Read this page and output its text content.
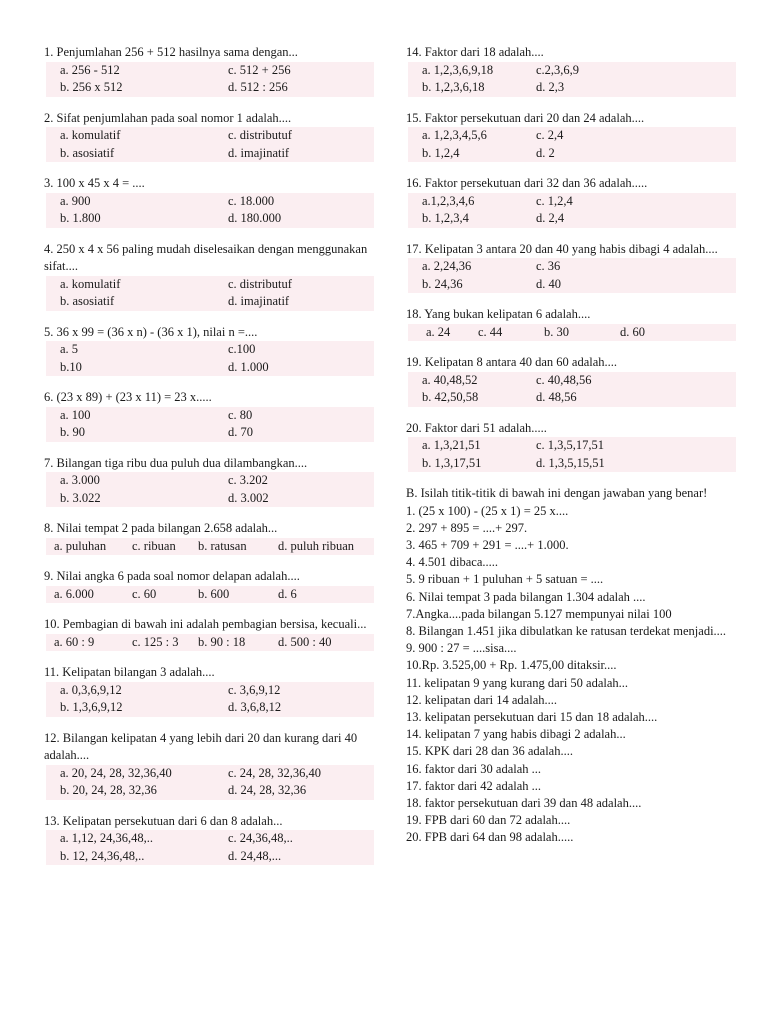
1. Penjumlahan 256 + 512 hasilnya sama dengan...
a. 256 - 512	c. 512 + 256
b. 256 x 512	d. 512 : 256
2. Sifat penjumlahan pada soal nomor 1 adalah....
a. komulatif	c. distributuf
b. asosiatif	d. imajinatif
3. 100 x 45 x 4 = ....
a. 900	c. 18.000
b. 1.800	d. 180.000
4. 250 x 4 x 56 paling mudah diselesaikan dengan menggunakan sifat....
a. komulatif	c. distributuf
b. asosiatif	d. imajinatif
5. 36 x 99 = (36 x n) - (36 x 1), nilai n =....
a. 5	c.100
b.10	d. 1.000
6. (23 x 89) + (23 x 11) = 23 x.....
a. 100	c. 80
b. 90	d. 70
7. Bilangan tiga ribu dua puluh dua dilambangkan....
a. 3.000	c. 3.202
b. 3.022	d. 3.002
8. Nilai tempat 2 pada bilangan 2.658 adalah...
a. puluhan c. ribuan b. ratusan	d. puluh ribuan
9. Nilai angka 6 pada soal nomor delapan adalah....
a. 6.000	c. 60	b. 600	d. 6
10. Pembagian di bawah ini adalah pembagian bersisa, kecuali...
a. 60 : 9	c. 125 : 3 b. 90 : 18	d. 500 : 40
11. Kelipatan bilangan 3 adalah....
a. 0,3,6,9,12	c. 3,6,9,12
b. 1,3,6,9,12	d. 3,6,8,12
12. Bilangan kelipatan 4 yang lebih dari 20 dan kurang dari 40 adalah....
a. 20, 24, 28, 32,36,40	c. 24, 28, 32,36,40
b. 20, 24, 28, 32,36	d. 24, 28, 32,36
13. Kelipatan persekutuan dari 6 dan 8 adalah...
a. 1,12, 24,36,48,..	c. 24,36,48,..
b. 12, 24,36,48,..	d. 24,48,...
14. Faktor dari 18 adalah....
a. 1,2,3,6,9,18	c.2,3,6,9
b. 1,2,3,6,18	d. 2,3
15. Faktor persekutuan dari 20 dan 24 adalah....
a. 1,2,3,4,5,6	c. 2,4
b. 1,2,4	d. 2
16. Faktor persekutuan dari 32 dan 36 adalah.....
a.1,2,3,4,6	c. 1,2,4
b. 1,2,3,4	d. 2,4
17. Kelipatan 3 antara 20 dan 40 yang habis dibagi 4 adalah....
a. 2,24,36	c. 36
b. 24,36	d. 40
18. Yang bukan kelipatan 6 adalah....
a. 24 c. 44	b. 30	d. 60
19. Kelipatan 8 antara 40 dan 60 adalah....
a. 40,48,52	c. 40,48,56
b. 42,50,58	d. 48,56
20. Faktor dari 51 adalah.....
a. 1,3,21,51	c. 1,3,5,17,51
b. 1,3,17,51	d. 1,3,5,15,51
B. Isilah titik-titik di bawah ini dengan jawaban yang benar!
1. (25 x 100) - (25 x 1) = 25 x....
2. 297 + 895 = ....+ 297.
3. 465 + 709 + 291 = ....+ 1.000.
4. 4.501 dibaca.....
5. 9 ribuan + 1 puluhan + 5 satuan = ....
6. Nilai tempat 3 pada bilangan 1.304 adalah ....
7.Angka....pada bilangan 5.127 mempunyai nilai 100
8. Bilangan 1.451 jika dibulatkan ke ratusan terdekat menjadi....
9. 900 : 27 = ....sisa....
10.Rp. 3.525,00 + Rp. 1.475,00 ditaksir....
11. kelipatan 9 yang kurang dari 50 adalah...
12. kelipatan dari 14 adalah....
13. kelipatan persekutuan dari 15 dan 18 adalah....
14. kelipatan 7 yang habis dibagi 2 adalah...
15. KPK dari 28 dan 36 adalah....
16. faktor dari 30 adalah ...
17. faktor dari 42 adalah ...
18. faktor persekutuan dari 39 dan 48 adalah....
19. FPB dari 60 dan 72 adalah....
20. FPB dari 64 dan 98 adalah.....
